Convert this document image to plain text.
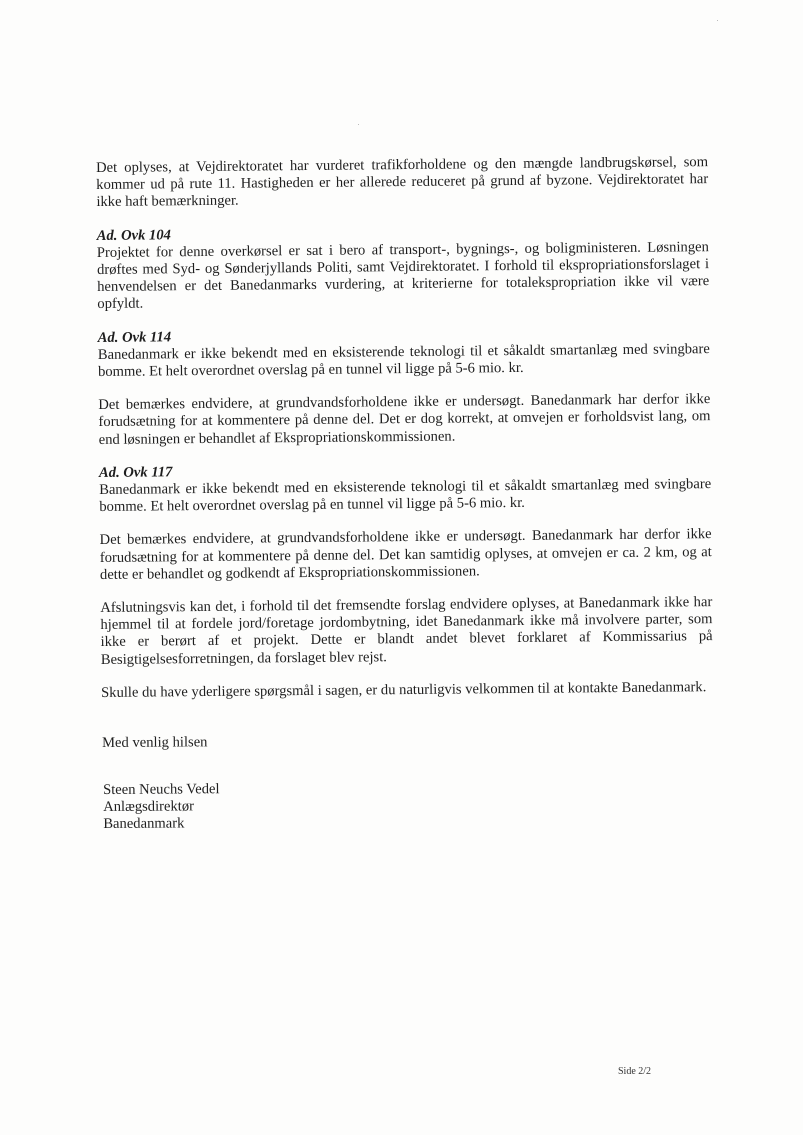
Det oplyses, at Vejdirektoratet har vurderet trafikforholdene og den mængde landbrugskørsel, som kommer ud på rute 11. Hastigheden er her allerede reduceret på grund af byzone. Vejdirektoratet har ikke haft bemærkninger.

Ad. Ovk 104

Projektet for denne overkørsel er sat i bero af transport-, bygnings-, og boligministeren. Løsningen drøftes med Syd- og Sønderjyllands Politi, samt Vejdirektoratet. I forhold til ekspropriationsforslaget i henvendelsen er det Banedanmarks vurdering, at kriterierne for totalekspropriation ikke vil være opfyldt.

Ad. Ovk 114

Banedanmark er ikke bekendt med en eksisterende teknologi til et såkaldt smartanlæg med svingbare bomme. Et helt overordnet overslag på en tunnel vil ligge på 5-6 mio. kr.

Det bemærkes endvidere, at grundvandsforholdene ikke er undersøgt. Banedanmark har derfor ikke forudsætning for at kommentere på denne del. Det er dog korrekt, at omvejen er forholdsvist lang, om end løsningen er behandlet af Ekspropriationskommissionen.

Ad. Ovk 117

Banedanmark er ikke bekendt med en eksisterende teknologi til et såkaldt smartanlæg med svingbare bomme. Et helt overordnet overslag på en tunnel vil ligge på 5-6 mio. kr.

Det bemærkes endvidere, at grundvandsforholdene ikke er undersøgt. Banedanmark har derfor ikke forudsætning for at kommentere på denne del. Det kan samtidig oplyses, at omvejen er ca. 2 km, og at dette er behandlet og godkendt af Ekspropriationskommissionen.

Afslutningsvis kan det, i forhold til det fremsendte forslag endvidere oplyses, at Banedanmark ikke har hjemmel til at fordele jord/foretage jordombytning, idet Banedanmark ikke må involvere parter, som ikke er berørt af et projekt. Dette er blandt andet blevet forklaret af Kommissarius på Besigtigelsesforretningen, da forslaget blev rejst.

Skulle du have yderligere spørgsmål i sagen, er du naturligvis velkommen til at kontakte Banedanmark.

Med venlig hilsen
Steen Neuchs Vedel
Anlægsdirektør
Banedanmark
Side 2/2
